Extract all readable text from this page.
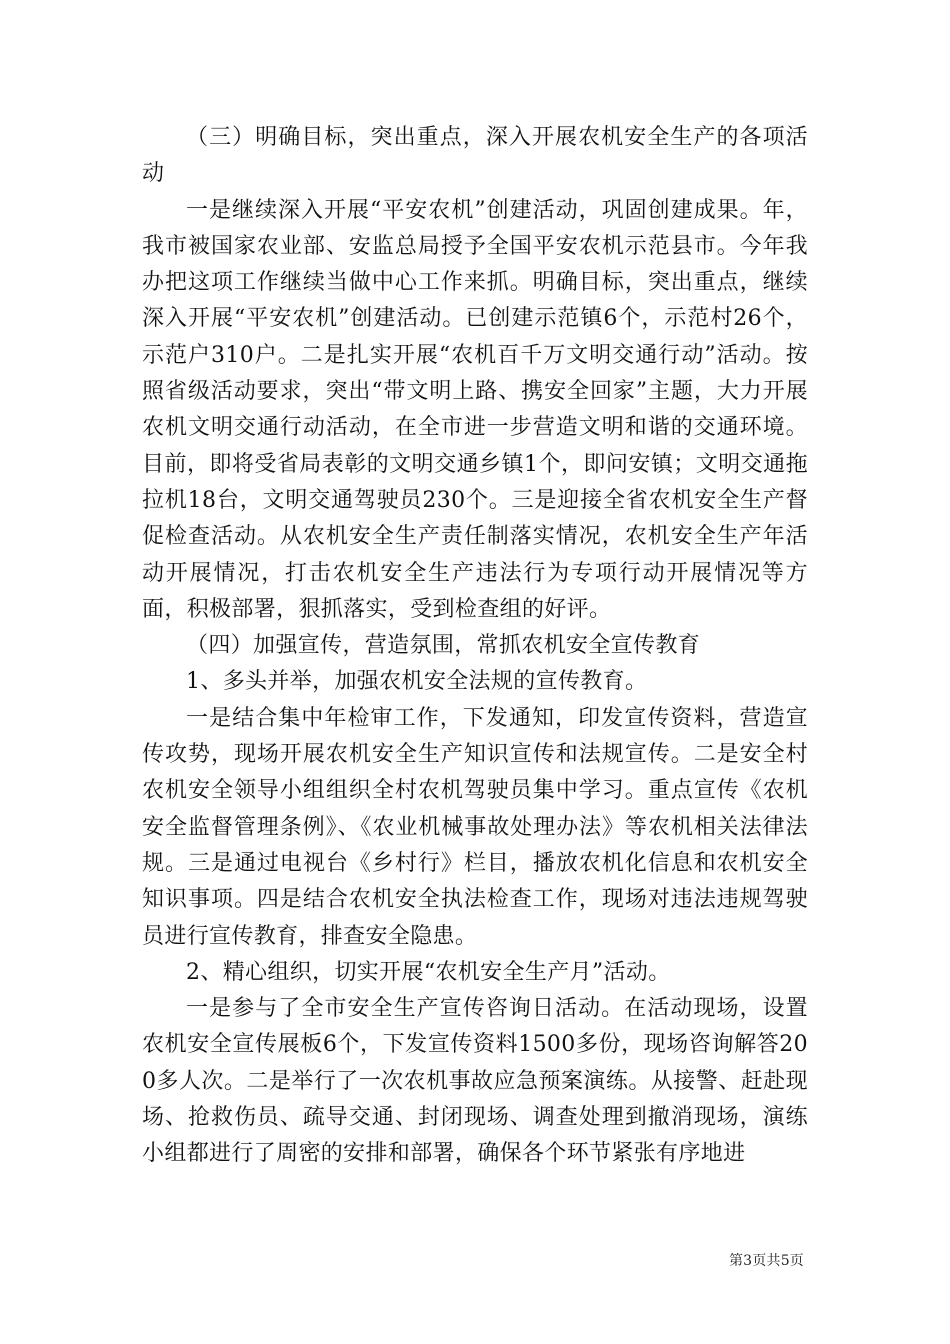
（三）明确目标，突出重点，深入开展农机安全生产的各项活动

一是继续深入开展“平安农机”创建活动，巩固创建成果。年，我市被国家农业部、安监总局授予全国平安农机示范县市。今年我办把这项工作继续当做中心工作来抓。明确目标，突出重点，继续深入开展“平安农机”创建活动。已创建示范镇6个，示范村26个，示范户310户。二是扎实开展“农机百千万文明交通行动”活动。按照省级活动要求，突出“带文明上路、携安全回家”主题，大力开展农机文明交通行动活动，在全市进一步营造文明和谐的交通环境。目前，即将受省局表彰的文明交通乡镇1个，即问安镇；文明交通拖拉机18台，文明交通驾驶员230个。三是迎接全省农机安全生产督促检查活动。从农机安全生产责任制落实情况，农机安全生产年活动开展情况，打击农机安全生产违法行为专项行动开展情况等方面，积极部署，狠抓落实，受到检查组的好评。

（四）加强宣传，营造氛围，常抓农机安全宣传教育

1、多头并举，加强农机安全法规的宣传教育。

一是结合集中年检审工作，下发通知，印发宣传资料，营造宣传攻势，现场开展农机安全生产知识宣传和法规宣传。二是安全村农机安全领导小组组织全村农机驾驶员集中学习。重点宣传《农机安全监督管理条例》、《农业机械事故处理办法》等农机相关法律法规。三是通过电视台《乡村行》栏目，播放农机化信息和农机安全知识事项。四是结合农机安全执法检查工作，现场对违法违规驾驶员进行宣传教育，排查安全隐患。

2、精心组织，切实开展“农机安全生产月”活动。

一是参与了全市安全生产宣传咨询日活动。在活动现场，设置农机安全宣传展板6个，下发宣传资料1500多份，现场咨询解答200多人次。二是举行了一次农机事故应急预案演练。从接警、赶赴现场、抢救伤员、疏导交通、封闭现场、调查处理到撤消现场，演练小组都进行了周密的安排和部署，确保各个环节紧张有序地进

第3页共5页
